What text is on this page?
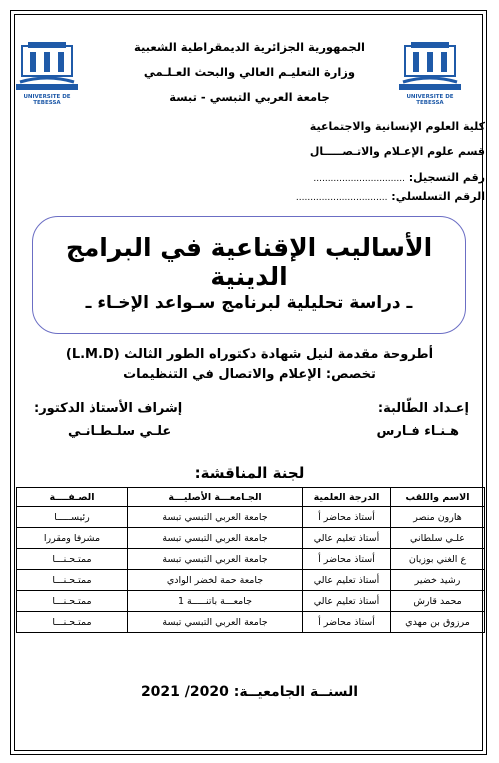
UNIVERSITE DE TEBESSA
UNIVERSITE DE TEBESSA
الجمهورية الجزائرية الديمقراطية الشعبية
وزارة التعليـم العالي والبحث العـلـمي
جامعة العربي التبسي - تبسة
كلية العلوم الإنسانية والاجتماعية
قسم علوم الإعـلام والاتـصـــــال
رقم التسجيل: ................................
الرقم التسلسلي: ................................
الأساليب الإقناعية في البرامج الدينية
ـ دراسة تحليلية لبرنامج سـواعد الإخـاء ـ
أطروحة مقدمة لنيل شهادة دكتوراه الطور الثالث (L.M.D)
تخصص: الإعلام والاتصال في التنظيمات
إعـداد الطّالبة:
هـنـاء فـارس
إشراف الأستاذ الدكتور:
علـي سلـطـانـي
لجنة المناقشة:
الاسم واللقب	الدرجة العلمية	الجـامعـــة الأصليـــة	الصـفــــة
هارون منصر	أستاذ محاضر أ	جامعة العربي التبسي تبسة	رئيســـــا
علـي سلطاني	أستاذ تعليم عالي	جامعة العربي التبسي تبسة	مشرفا ومقررا
ع الغني بوزيان	أستاذ محاضر أ	جامعة العربي التبسي تبسة	ممتـحـنـــا
رشيد خضير	أستاذ تعليم عالي	جامعة حمة لخضر الوادي	ممتـحـنـــا
محمد قارش	أستاذ تعليم عالي	جامعـــة باتنـــــة 1	ممتـحـنـــا
مرزوق بن مهدي	أستاذ محاضر أ	جامعة العربي التبسي تبسة	ممتـحـنـــا
السنــة الجامعيــة: 2020/ 2021
